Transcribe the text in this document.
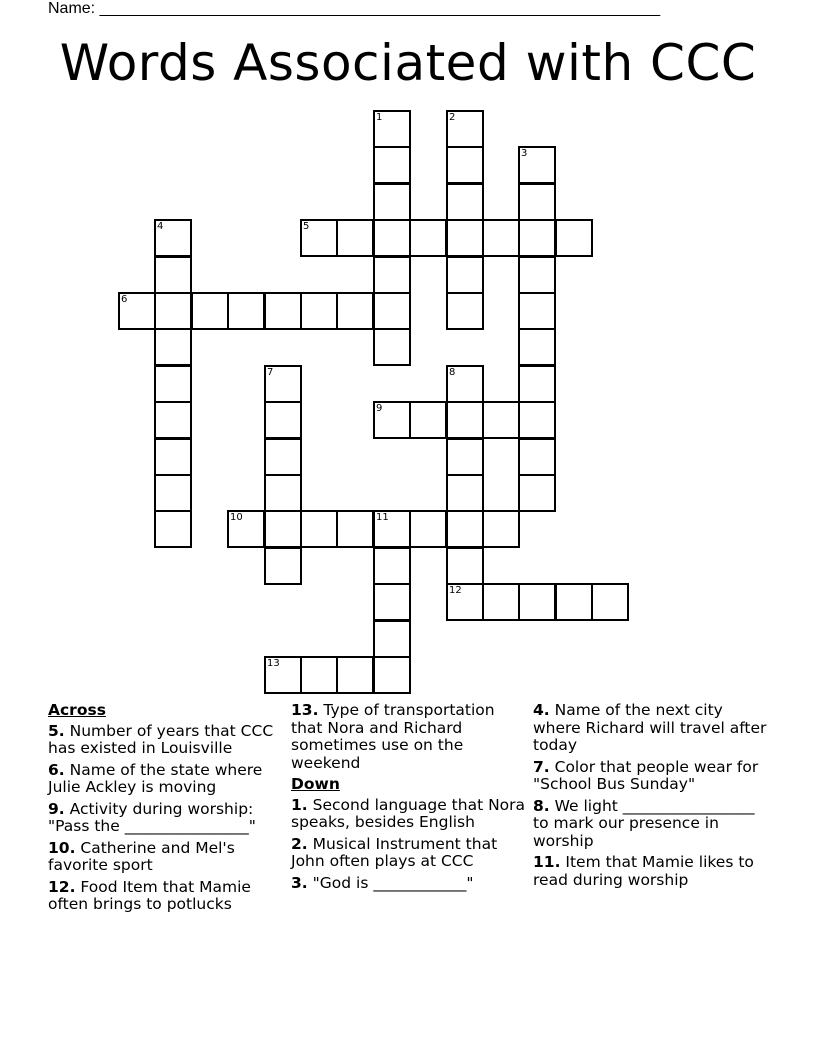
Name: _______________________________________________________________
Words Associated with CCC
1	2
3
4	5
6
7	8
9
10	11
12
13
Across
5. Number of years that CCC has existed in Louisville
6. Name of the state where Julie Ackley is moving
9. Activity during worship: "Pass the ________________"
10. Catherine and Mel's favorite sport
12. Food Item that Mamie often brings to potlucks
13. Type of transportation that Nora and Richard sometimes use on the weekend
Down
1. Second language that Nora speaks, besides English
2. Musical Instrument that John often plays at CCC
3. "God is ____________"
4. Name of the next city where Richard will travel after today
7. Color that people wear for "School Bus Sunday"
8. We light _________________ to mark our presence in worship
11. Item that Mamie likes to read during worship
